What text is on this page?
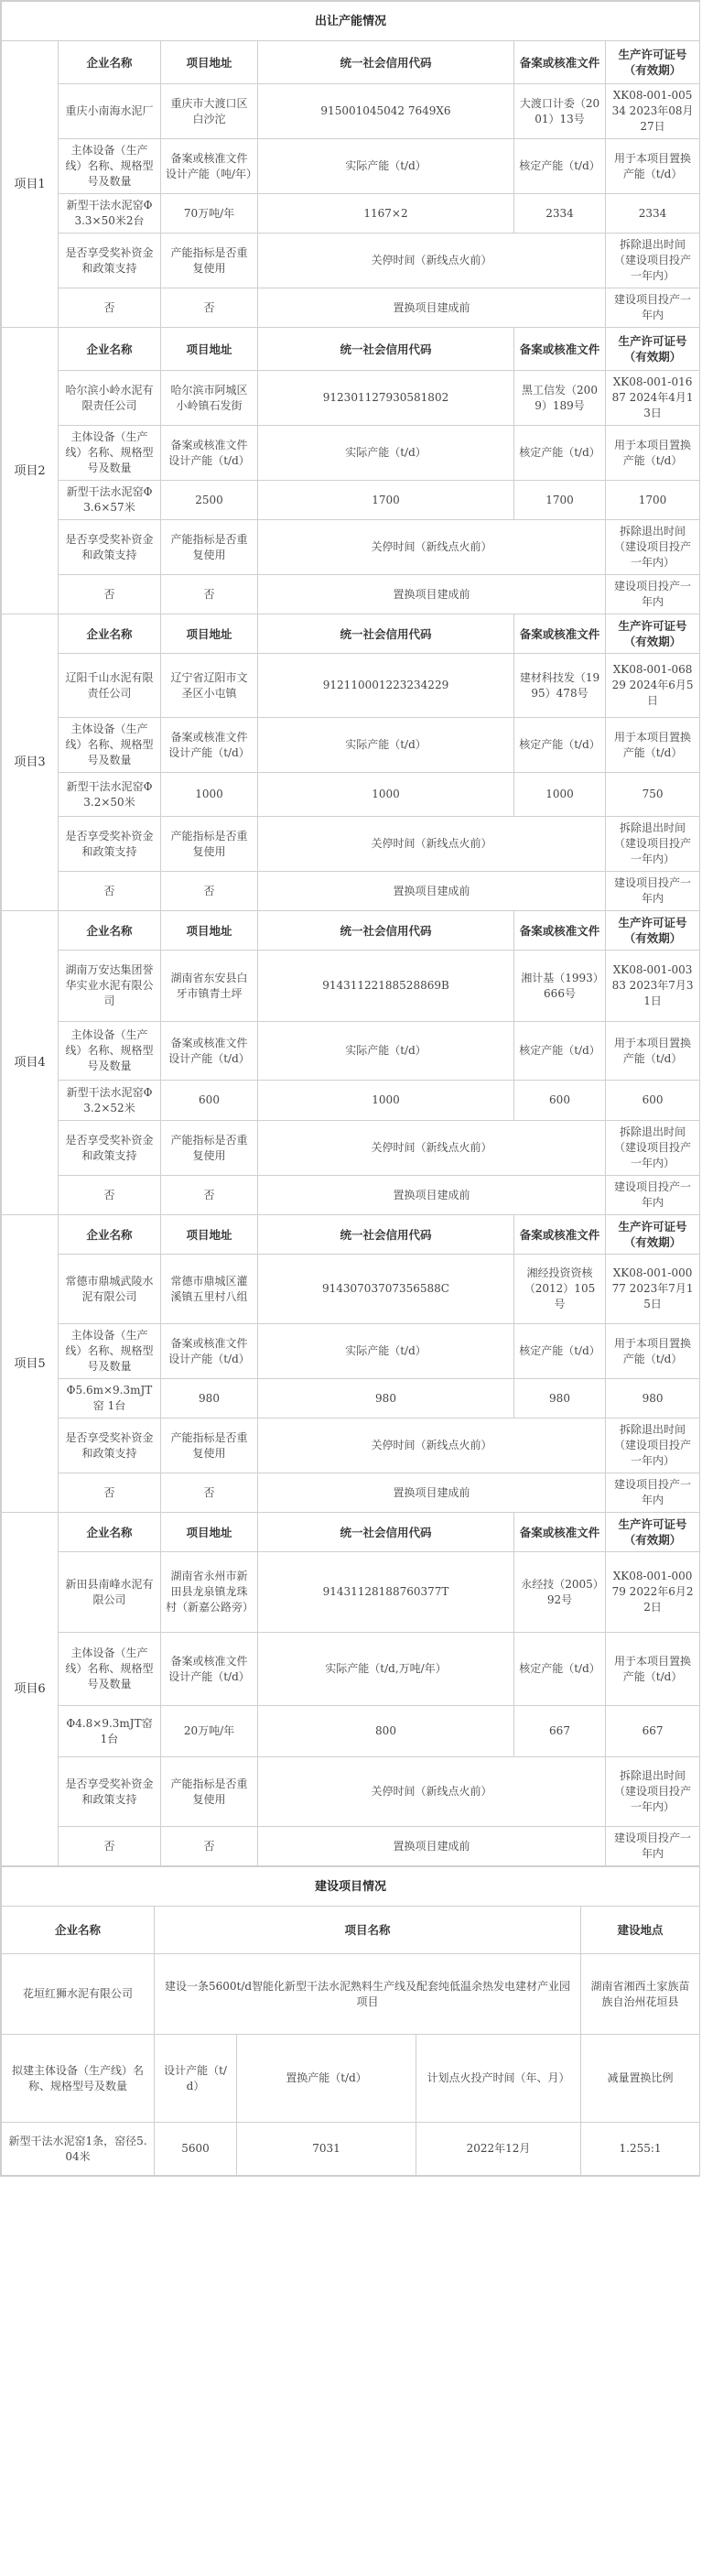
出让产能情况					
项目1	企业名称	项目地址	统一社会信用代码	备案或核准文件	生产许可证号（有效期）
	重庆小南海水泥厂	重庆市大渡口区白沙沱	915001045042 7649X6	大渡口计委（2001）13号	XK08-001-00534 2023年08月27日
	主体设备（生产线）名称、规格型号及数量	备案或核准文件设计产能（吨/年）	实际产能（t/d）	核定产能（t/d）	用于本项目置换产能（t/d）
	新型干法水泥窑Φ3.3×50米2台	70万吨/年	1167×2	2334	2334
	是否享受奖补资金和政策支持	产能指标是否重复使用	关停时间（新线点火前）		拆除退出时间（建设项目投产一年内）
	否	否	置换项目建成前		建设项目投产一年内
项目2	企业名称	项目地址	统一社会信用代码	备案或核准文件	生产许可证号（有效期）
	哈尔滨小岭水泥有限责任公司	哈尔滨市阿城区小岭镇石发街	912301127930581802	黑工信发（2009）189号	XK08-001-01687 2024年4月13日
	主体设备（生产线）名称、规格型号及数量	备案或核准文件设计产能（t/d）	实际产能（t/d）	核定产能（t/d）	用于本项目置换产能（t/d）
	新型干法水泥窑Φ3.6×57米	2500	1700	1700	1700
	是否享受奖补资金和政策支持	产能指标是否重复使用	关停时间（新线点火前）		拆除退出时间（建设项目投产一年内）
	否	否	置换项目建成前		建设项目投产一年内
项目3	企业名称	项目地址	统一社会信用代码	备案或核准文件	生产许可证号（有效期）
	辽阳千山水泥有限责任公司	辽宁省辽阳市文圣区小屯镇	912110001223234229	建材科技发（1995）478号	XK08-001-06829 2024年6月5日
	主体设备（生产线）名称、规格型号及数量	备案或核准文件设计产能（t/d）	实际产能（t/d）	核定产能（t/d）	用于本项目置换产能（t/d）
	新型干法水泥窑Φ3.2×50米	1000	1000	1000	750
	是否享受奖补资金和政策支持	产能指标是否重复使用	关停时间（新线点火前）		拆除退出时间（建设项目投产一年内）
	否	否	置换项目建成前		建设项目投产一年内
项目4	企业名称	项目地址	统一社会信用代码	备案或核准文件	生产许可证号（有效期）
	湖南万安达集团誉华实业水泥有限公司	湖南省东安县白牙市镇青土坪	91431122188528869B	湘计基（1993）666号	XK08-001-00383 2023年7月31日
	主体设备（生产线）名称、规格型号及数量	备案或核准文件设计产能（t/d）	实际产能（t/d）	核定产能（t/d）	用于本项目置换产能（t/d）
	新型干法水泥窑Φ3.2×52米	600	1000	600	600
	是否享受奖补资金和政策支持	产能指标是否重复使用	关停时间（新线点火前）		拆除退出时间（建设项目投产一年内）
	否	否	置换项目建成前		建设项目投产一年内
项目5	企业名称	项目地址	统一社会信用代码	备案或核准文件	生产许可证号（有效期）
	常德市鼎城武陵水泥有限公司	常德市鼎城区灌溪镇五里村八组	91430703707356588C	湘经投资资核（2012）105号	XK08-001-00077 2023年7月15日
	主体设备（生产线）名称、规格型号及数量	备案或核准文件设计产能（t/d）	实际产能（t/d）	核定产能（t/d）	用于本项目置换产能（t/d）
	Φ5.6m×9.3mJT窑 1台	980	980	980	980
	是否享受奖补资金和政策支持	产能指标是否重复使用	关停时间（新线点火前）		拆除退出时间（建设项目投产一年内）
	否	否	置换项目建成前		建设项目投产一年内
项目6	企业名称	项目地址	统一社会信用代码	备案或核准文件	生产许可证号（有效期）
	新田县南峰水泥有限公司	湖南省永州市新田县龙泉镇龙珠村（新嘉公路旁）	91431128188760377T	永经技（2005）92号	XK08-001-00079 2022年6月22日
	主体设备（生产线）名称、规格型号及数量	备案或核准文件设计产能（t/d）	实际产能（t/d,万吨/年）	核定产能（t/d）	用于本项目置换产能（t/d）
	Φ4.8×9.3mJT窑1台	20万吨/年	800	667	667
	是否享受奖补资金和政策支持	产能指标是否重复使用	关停时间（新线点火前）		拆除退出时间（建设项目投产一年内）
	否	否	置换项目建成前		建设项目投产一年内
建设项目情况				
企业名称	项目名称			建设地点
花垣红狮水泥有限公司	建设一条5600t/d智能化新型干法水泥熟料生产线及配套纯低温余热发电建材产业园项目			湖南省湘西土家族苗族自治州花垣县
拟建主体设备（生产线）名称、规格型号及数量	设计产能（t/d）	置换产能（t/d）	计划点火投产时间（年、月）	减量置换比例
新型干法水泥窑1条，窑径5.04米	5600	7031	2022年12月	1.255:1
